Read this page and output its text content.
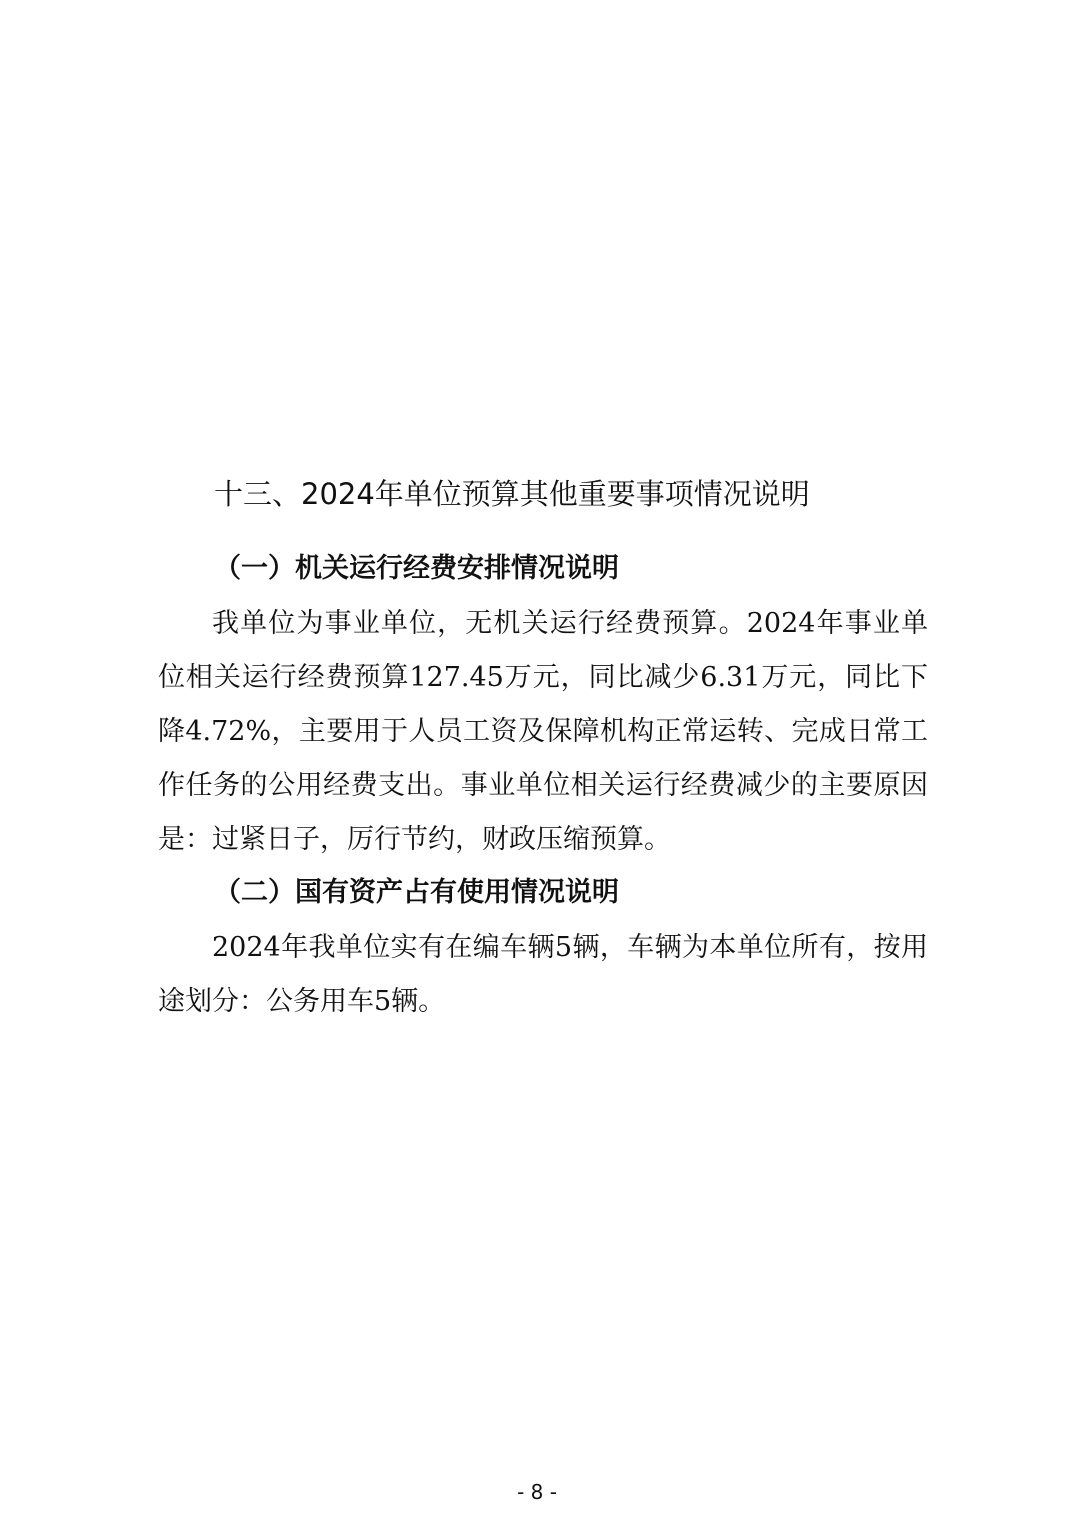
十三、2024年单位预算其他重要事项情况说明
（一）机关运行经费安排情况说明

我单位为事业单位，无机关运行经费预算。2024年事业单位相关运行经费预算127.45万元，同比减少6.31万元，同比下降4.72%，主要用于人员工资及保障机构正常运转、完成日常工作任务的公用经费支出。事业单位相关运行经费减少的主要原因是：过紧日子，厉行节约，财政压缩预算。

（二）国有资产占有使用情况说明

2024年我单位实有在编车辆5辆，车辆为本单位所有，按用途划分：公务用车5辆。

- 8 -
